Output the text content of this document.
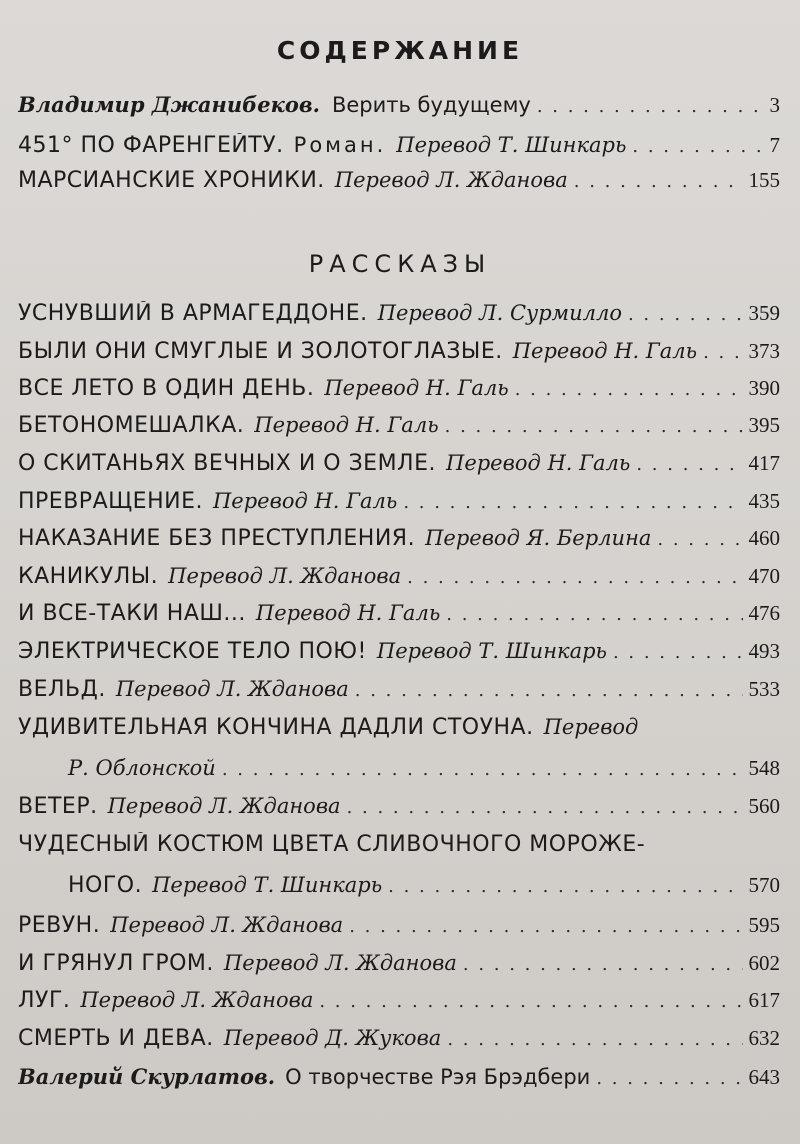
СОДЕРЖАНИЕ
Владимир Джанибеков. Верить будущему . . .	3
451° ПО ФАРЕНГЕЙТУ. Роман. Перевод Т. Шинкарь . . .	7
МАРСИАНСКИЕ ХРОНИКИ. Перевод Л. Жданова . . .	155
РАССКАЗЫ
УСНУВШИЙ В АРМАГЕДДОНЕ. Перевод Л. Сурмилло . . .	359
БЫЛИ ОНИ СМУГЛЫЕ И ЗОЛОТОГЛАЗЫЕ. Перевод Н. Галь . . . 373
ВСЕ ЛЕТО В ОДИН ДЕНЬ. Перевод Н. Галь . . .	390
БЕТОНОМЕШАЛКА. Перевод Н. Галь . . .	395
О СКИТАНЬЯХ ВЕЧНЫХ И О ЗЕМЛЕ. Перевод Н. Галь . . .	417
ПРЕВРАЩЕНИЕ. Перевод Н. Галь . . .	435
НАКАЗАНИЕ БЕЗ ПРЕСТУПЛЕНИЯ. Перевод Я. Берлина . . .	460
КАНИКУЛЫ. Перевод Л. Жданова . . .	470
И ВСЕ-ТАКИ НАШ... Перевод Н. Галь . . .	476
ЭЛЕКТРИЧЕСКОЕ ТЕЛО ПОЮ! Перевод Т. Шинкарь . . .	493
ВЕЛЬД. Перевод Л. Жданова . . .	533
УДИВИТЕЛЬНАЯ КОНЧИНА ДАДЛИ СТОУНА. Перевод
Р. Облонской . . .	548
ВЕТЕР. Перевод Л. Жданова . . .	560
ЧУДЕСНЫЙ КОСТЮМ ЦВЕТА СЛИВОЧНОГО МОРОЖЕ-
НОГО. Перевод Т. Шинкарь . . .	570
РЕВУН. Перевод Л. Жданова . . .	595
И ГРЯНУЛ ГРОМ. Перевод Л. Жданова . . .	602
ЛУГ. Перевод Л. Жданова . . .	617
СМЕРТЬ И ДЕВА. Перевод Д. Жукова . . .	632
Валерий Скурлатов. О творчестве Рэя Брэдбери . . .	643
